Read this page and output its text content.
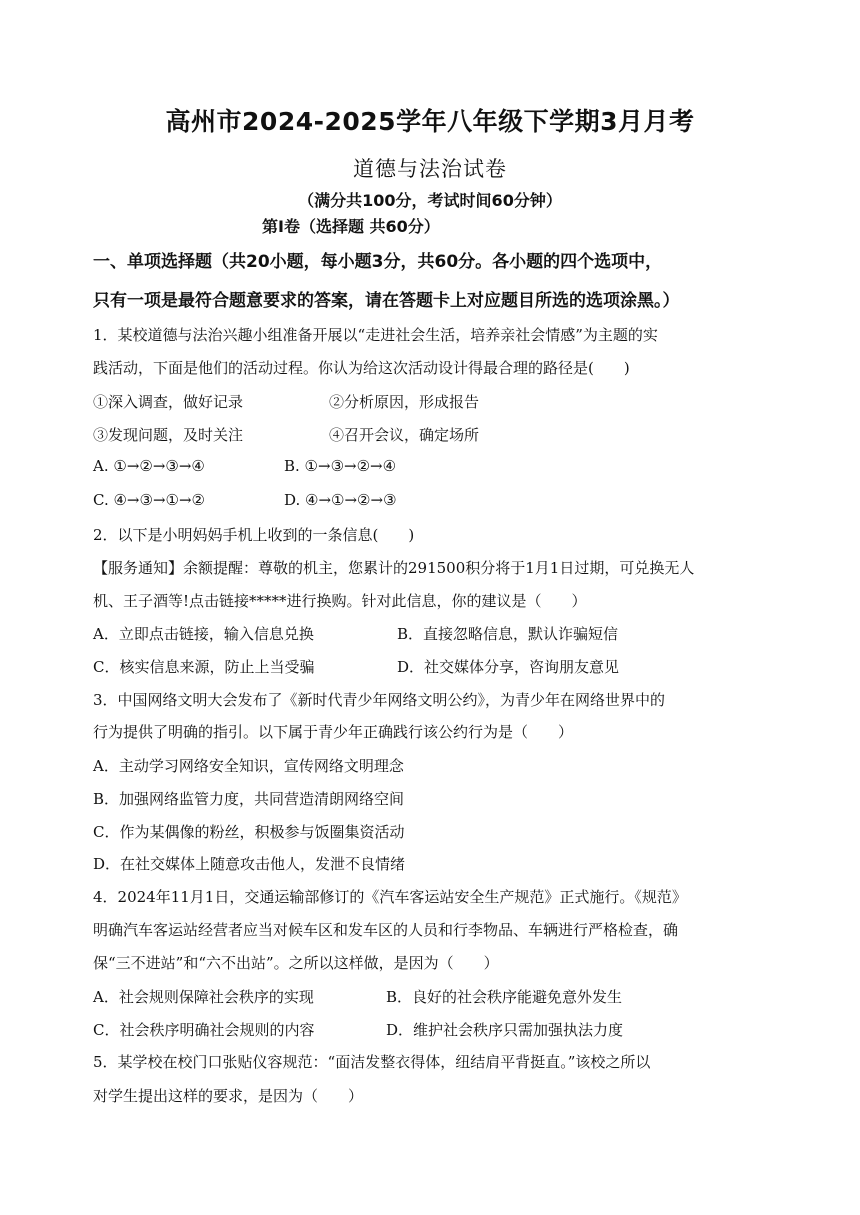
高州市2024-2025学年八年级下学期3月月考
道德与法治试卷
（满分共100分，考试时间60分钟）
第Ⅰ卷（选择题 共60分）
一、单项选择题（共20小题，每小题3分，共60分。各小题的四个选项中，
只有一项是最符合题意要求的答案，请在答题卡上对应题目所选的选项涂黑。）
1．某校道德与法治兴趣小组准备开展以“走进社会生活，培养亲社会情感”为主题的实
践活动，下面是他们的活动过程。你认为给这次活动设计得最合理的路径是(　　)
①深入调查，做好记录	②分析原因，形成报告
③发现问题，及时关注	④召开会议，确定场所
A. ①→②→③→④	B. ①→③→②→④
C. ④→③→①→②	D. ④→①→②→③
2．以下是小明妈妈手机上收到的一条信息(　　)
【服务通知】余额提醒：尊敬的机主，您累计的291500积分将于1月1日过期，可兑换无人
机、王子酒等!点击链接*****进行换购。针对此信息，你的建议是（　　）
A．立即点击链接，输入信息兑换	B．直接忽略信息，默认诈骗短信
C．核实信息来源，防止上当受骗	D．社交媒体分享，咨询朋友意见
3．中国网络文明大会发布了《新时代青少年网络文明公约》，为青少年在网络世界中的
行为提供了明确的指引。以下属于青少年正确践行该公约行为是（　　）
A．主动学习网络安全知识，宣传网络文明理念
B．加强网络监管力度，共同营造清朗网络空间
C．作为某偶像的粉丝，积极参与饭圈集资活动
D．在社交媒体上随意攻击他人，发泄不良情绪
4．2024年11月1日，交通运输部修订的《汽车客运站安全生产规范》正式施行。《规范》
明确汽车客运站经营者应当对候车区和发车区的人员和行李物品、车辆进行严格检查，确
保“三不进站”和“六不出站”。之所以这样做，是因为（　　）
A．社会规则保障社会秩序的实现	B．良好的社会秩序能避免意外发生
C．社会秩序明确社会规则的内容	D．维护社会秩序只需加强执法力度
5．某学校在校门口张贴仪容规范：“面洁发整衣得体，纽结肩平背挺直。”该校之所以
对学生提出这样的要求，是因为（　　）
